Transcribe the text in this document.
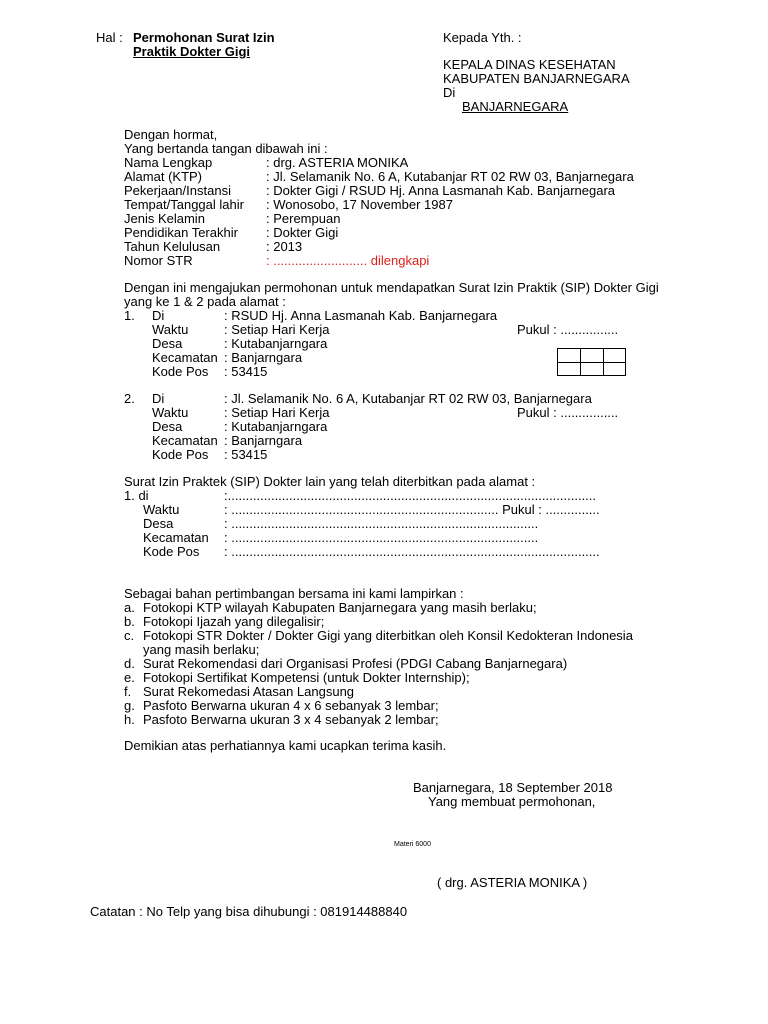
Hal : Permohonan Surat Izin
Praktik Dokter Gigi
Kepada Yth. :
KEPALA DINAS KESEHATAN
KABUPATEN BANJARNEGARA
Di
BANJARNEGARA
Dengan hormat,
Yang bertanda tangan dibawah ini :
Nama Lengkap	: drg. ASTERIA MONIKA
Alamat (KTP)	: Jl. Selamanik No. 6 A, Kutabanjar RT 02 RW 03, Banjarnegara
Pekerjaan/Instansi	: Dokter Gigi / RSUD Hj. Anna Lasmanah Kab. Banjarnegara
Tempat/Tanggal lahir : Wonosobo, 17 November 1987
Jenis Kelamin	: Perempuan
Pendidikan Terakhir : Dokter Gigi
Tahun Kelulusan	: 2013
Nomor STR	: .......................... dilengkapi
Dengan ini mengajukan permohonan untuk mendapatkan Surat Izin Praktik (SIP) Dokter Gigi
yang ke 1 & 2 pada alamat :
1. Di	: RSUD Hj. Anna Lasmanah Kab. Banjarnegara
Waktu	: Setiap Hari Kerja	Pukul : ................
Desa	: Kutabanjarngara
Kecamatan : Banjarngara
Kode Pos : 53415
2. Di	: Jl. Selamanik No. 6 A, Kutabanjar RT 02 RW 03, Banjarnegara
Waktu	: Setiap Hari Kerja	Pukul : ................
Desa	: Kutabanjarngara
Kecamatan : Banjarngara
Kode Pos : 53415
Surat Izin Praktek (SIP) Dokter lain yang telah diterbitkan pada alamat :
1. di	:......................................................................................................
Waktu	: .......................................................................... Pukul : ...............
Desa	: .....................................................................................
Kecamatan : .....................................................................................
Kode Pos : ......................................................................................................
Sebagai bahan pertimbangan bersama ini kami lampirkan :
a. Fotokopi KTP wilayah Kabupaten Banjarnegara yang masih berlaku;
b. Fotokopi Ijazah yang dilegalisir;
c. Fotokopi STR Dokter / Dokter Gigi yang diterbitkan oleh Konsil Kedokteran Indonesia
yang masih berlaku;
d. Surat Rekomendasi dari Organisasi Profesi (PDGI Cabang Banjarnegara)
e. Fotokopi Sertifikat Kompetensi (untuk Dokter Internship);
f. Surat Rekomedasi Atasan Langsung
g. Pasfoto Berwarna ukuran 4 x 6 sebanyak 3 lembar;
h. Pasfoto Berwarna ukuran 3 x 4 sebanyak 2 lembar;
Demikian atas perhatiannya kami ucapkan terima kasih.
Banjarnegara, 18 September 2018
Yang membuat permohonan,
Materi 6000
( drg. ASTERIA MONIKA )
Catatan : No Telp yang bisa dihubungi : 081914488840
